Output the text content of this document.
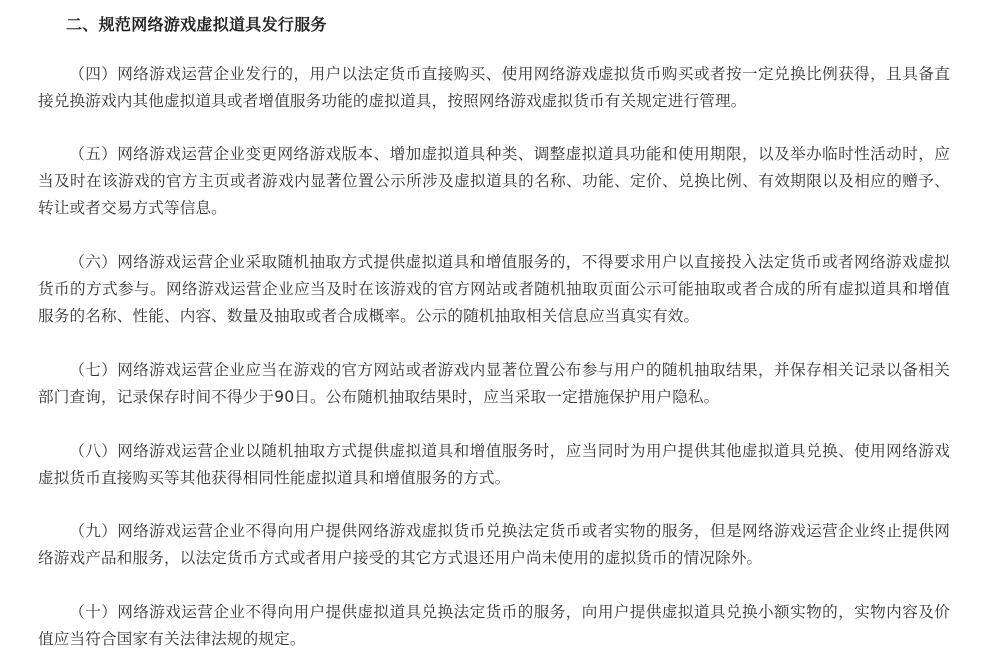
二、规范网络游戏虚拟道具发行服务

（四）网络游戏运营企业发行的，用户以法定货币直接购买、使用网络游戏虚拟货币购买或者按一定兑换比例获得，且具备直接兑换游戏内其他虚拟道具或者增值服务功能的虚拟道具，按照网络游戏虚拟货币有关规定进行管理。

（五）网络游戏运营企业变更网络游戏版本、增加虚拟道具种类、调整虚拟道具功能和使用期限，以及举办临时性活动时，应当及时在该游戏的官方主页或者游戏内显著位置公示所涉及虚拟道具的名称、功能、定价、兑换比例、有效期限以及相应的赠予、转让或者交易方式等信息。

（六）网络游戏运营企业采取随机抽取方式提供虚拟道具和增值服务的，不得要求用户以直接投入法定货币或者网络游戏虚拟货币的方式参与。网络游戏运营企业应当及时在该游戏的官方网站或者随机抽取页面公示可能抽取或者合成的所有虚拟道具和增值服务的名称、性能、内容、数量及抽取或者合成概率。公示的随机抽取相关信息应当真实有效。

（七）网络游戏运营企业应当在游戏的官方网站或者游戏内显著位置公布参与用户的随机抽取结果，并保存相关记录以备相关部门查询，记录保存时间不得少于90日。公布随机抽取结果时，应当采取一定措施保护用户隐私。

（八）网络游戏运营企业以随机抽取方式提供虚拟道具和增值服务时，应当同时为用户提供其他虚拟道具兑换、使用网络游戏虚拟货币直接购买等其他获得相同性能虚拟道具和增值服务的方式。

（九）网络游戏运营企业不得向用户提供网络游戏虚拟货币兑换法定货币或者实物的服务，但是网络游戏运营企业终止提供网络游戏产品和服务，以法定货币方式或者用户接受的其它方式退还用户尚未使用的虚拟货币的情况除外。

（十）网络游戏运营企业不得向用户提供虚拟道具兑换法定货币的服务，向用户提供虚拟道具兑换小额实物的，实物内容及价值应当符合国家有关法律法规的规定。
